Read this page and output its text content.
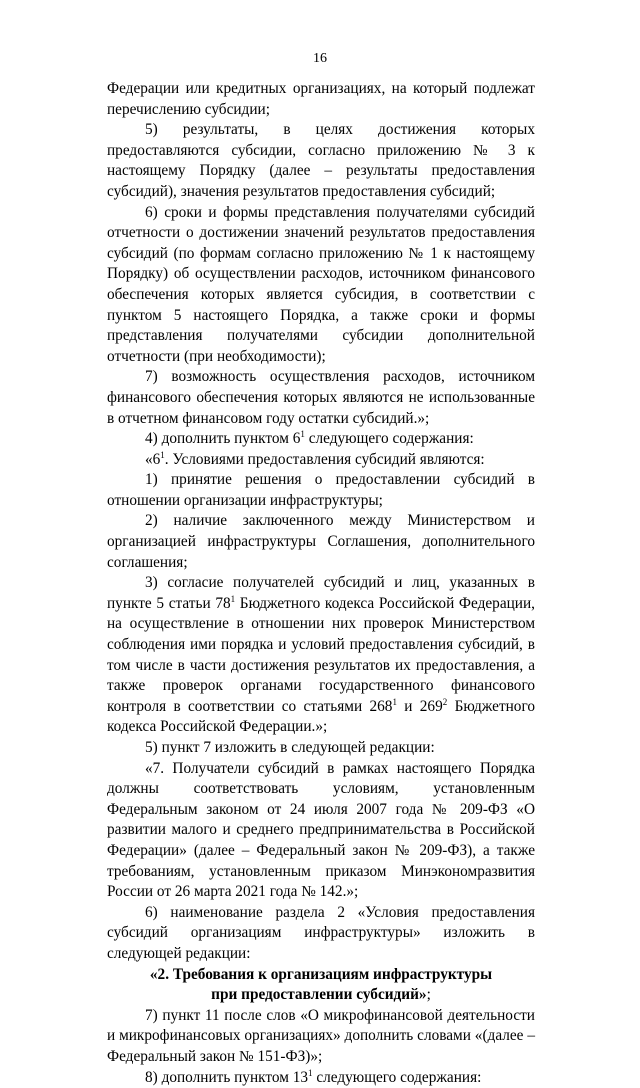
16

Федерации или кредитных организациях, на который подлежат перечислению субсидии;

5) результаты, в целях достижения которых предоставляются субсидии, согласно приложению № 3 к настоящему Порядку (далее – результаты предоставления субсидий), значения результатов предоставления субсидий;

6) сроки и формы представления получателями субсидий отчетности о достижении значений результатов предоставления субсидий (по формам согласно приложению № 1 к настоящему Порядку) об осуществлении расходов, источником финансового обеспечения которых является субсидия, в соответствии с пунктом 5 настоящего Порядка, а также сроки и формы представления получателями субсидии дополнительной отчетности (при необходимости);

7) возможность осуществления расходов, источником финансового обеспечения которых являются не использованные в отчетном финансовом году остатки субсидий.»;

4) дополнить пунктом $6^1$ следующего содержания:

«$6^1$. Условиями предоставления субсидий являются:

1) принятие решения о предоставлении субсидий в отношении организации инфраструктуры;

2) наличие заключенного между Министерством и организацией инфраструктуры Соглашения, дополнительного соглашения;

3) согласие получателей субсидий и лиц, указанных в пункте 5 статьи $78^1$ Бюджетного кодекса Российской Федерации, на осуществление в отношении них проверок Министерством соблюдения ими порядка и условий предоставления субсидий, в том числе в части достижения результатов их предоставления, а также проверок органами государственного финансового контроля в соответствии со статьями $268^1$ и $269^2$ Бюджетного кодекса Российской Федерации.»;

5) пункт 7 изложить в следующей редакции:

«7. Получатели субсидий в рамках настоящего Порядка должны соответствовать условиям, установленным Федеральным законом от 24 июля 2007 года № 209-ФЗ «О развитии малого и среднего предпринимательства в Российской Федерации» (далее – Федеральный закон № 209-ФЗ), а также требованиям, установленным приказом Минэкономразвития России от 26 марта 2021 года № 142.»;

6) наименование раздела 2 «Условия предоставления субсидий организациям инфраструктуры» изложить в следующей редакции:

«2. Требования к организациям инфраструктуры

при предоставлении субсидий»;

7) пункт 11 после слов «О микрофинансовой деятельности и микрофинансовых организациях» дополнить словами «(далее – Федеральный закон № 151-ФЗ)»;

8) дополнить пунктом $13^1$ следующего содержания:
